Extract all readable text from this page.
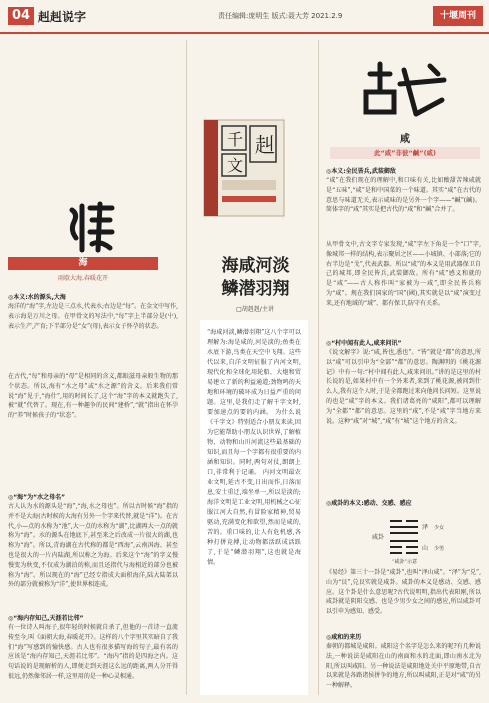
04 赳赳说字	责任编辑:庞明生 版式:聂大芳 2021.2.9	十堰周刊
海
雨歇大海,春暖花开
◎本义:水的源头,大海
海洋的“海”字,左边是三点水,代表水;右边是“每”。在金文中写作,表示海是万川之母。在甲骨文的写法中,“每”字上半部分是(屮),表示生产,产育;下半部分是“女”(母),表示女子怀孕的状态。
在古代,“每”和母亲的“母”是相同的含义,都眼滋母亲般生物的那个状态。所以,海有“水之母”或“水之源”的含义。后来我们常说“海”见于,“海什”,用的时间长了,这个“海”字的本义就跑失了,被“就”代替了。现在,有一种趣争的民间“建桥”,“就”指出在怀孕的“养”时候孩子的“状态”。
◎“海”为“水之母名”
古人认为水的源头是“海”,“海,水之母也”。所以古时候“海”指的并不是大海(古时候的大海有另外一个字来代替,就是“洋”)。在古代,小—点的水称为“池”,大一点的水称为“湖”,比湖再大一点的就称为“海”。水的源头在地底下,甚至来之后改成一片很大的湖,也称为“海”。所以,青海湖在古代称的都是“西海”,云南洱海、甚至也是很大的一片内陆湖,所以称之为海。后来这个“海”的字义慢慢变为秋变,不仅成为湖泊的称,而且还指代与海相近的部分也被称为“海”。所以现在的“海”已经专指成大面积海洋,陆大陆架以外的部分就被称为“洋”,使世界相连成。
◎“海内存知己,天涯若比邻”
有一位诗人叫海子,很年轻的时候就自杀了,但他的一首诗一直流传至今,叫《面朝大海,春暖花开》。这样的八个字里其实暗自了我们“海”写感到的愉快感。古人也有很多描写海的句子,最有名的应该是“海内存知己,天涯若比邻”。“海内”指的是四海之内。这句话说的是现解析的人,即便走到天涯这么远的距离,两人分开得很远,仍然像邻居一样,这里用的是一种心灵相通。
千 赳
文
海咸河淡
鳞潜羽翔
□胡赳赳/主讲
“海咸河淡,鳞潜羽翔”这八个字可以理解为:海是咸的,河是淡的;鱼类在水底下游,鸟类在天空中飞翔。这些代以来,自洋文明征服了内河文明,现代化和全球化用轮船、大炮和贸易建立了新的利益通道;劲物鸣的天地和环境的破坏成为日益严重的问题。这里,是我们走了解千字文时,要加速点的要的内涵。 为什么说《千字文》特别适合小朋友来读,因为它能帮助小朋友认识世界,了解植物、动物和山川河流这些最基础的知识,而且每一个字都有很重要的内涵和知识。同时,两句对仗,朗朗上口,非常利于记诵。 内河文明最农业文明,延古不变,日出而作,日落而息,安土重迁,端坐单一,所以是淡的;海洋文明是工业文明,用机械之心征服江河大自然,有冒险家精神,贸易驱动,充满变化和欲望,然而是咸的,苦的。重口味的,让人有危机感,各种打拼竞搏,让动物都活跃成活跃了,于是“鳞潜羽翔”,这也就是海情。
咸
此“咸”非彼“鹹”(咸)
◎本义:全民皆兵,武装御敌
“咸”在我们现在的理解中,和口味有关,比如酸甜苦辣咸就是“五味”,“咸”是和中国菜的一个味道。其实“咸”在古代的意思与味道无关,表示咸味的是另外一个字——“鹹”(鹹)。简体字的“咸”其实是把古代的“咸”和“鹹”合并了。
从甲骨文中,古文字专家发现,“咸”字左下角是一个“口”字,像城邦一样的结构,表示聚居之区——小城镇、小部落;它的右半边是“戈”,代表武器。所以“咸”的本义是用武器保卫自己的城邦,即全民皆兵,武装御敌。所有“咸”感义和就的是“咸”——古人称作叫“家被为一咸”,即全民皆兵称为“咸”。规在我们国家的“国”(國),其实就是以“咸”演变过来,还有地域的“域”、都有保卫,防守有关系。
◎“村中闻有此人,咸来问讯”
《说文解字》说:“咸,皆也,悉也”。“皆”就是“都”的意思,所以“咸”可以引申为“全部”“都”的意思。陶渊明的《桃花源记》中有一句:“村中闻有此人,咸来问讯。”讲的是这里的村长说的是,如果村中有一个外来者,来到了桃花源,被问到什么人,我有这个人时,于是全都跑过来向他问长问短。这里说的也是“咸”字的本义。我们诸葛亮的“咸阳”,都可以理解为“全都”“都”的意思。这里的“咸”,不是“咸”字当地方来说。这种“咸”对“城”,“咸”有“城”这个地方的含义。
◎咸卦的本义:感动、交感、感应
泽
山
咸卦
少女
少男
“咸卦”示意
《易经》第三十一卦是“咸卦”,也叫“泽山咸”。“泽”为“兑”,山为“艮”,兑艮实就是咸卦。咸卦的本义是感动、交感、感应。这个卦是什么意思呢?古代说明明,指出代表阳刚,所以咸卦就是阴阳交感、也是少男少女之间的感应,所以咸卦可以引申为感知、感受。
◎咸和的来历
秦朝的都城是咸阳。咸阳这个名字是怎么来的呢?有几种说法,一种说法是咸阳在山的南面和水的北面,即山南水北为阳,所以叫咸阳。另一种说法是咸阳地处关中平原地带,自古以来就是各路诸侯拼争的地方,所以叫咸阳,正是对“咸”的另一种解释。
